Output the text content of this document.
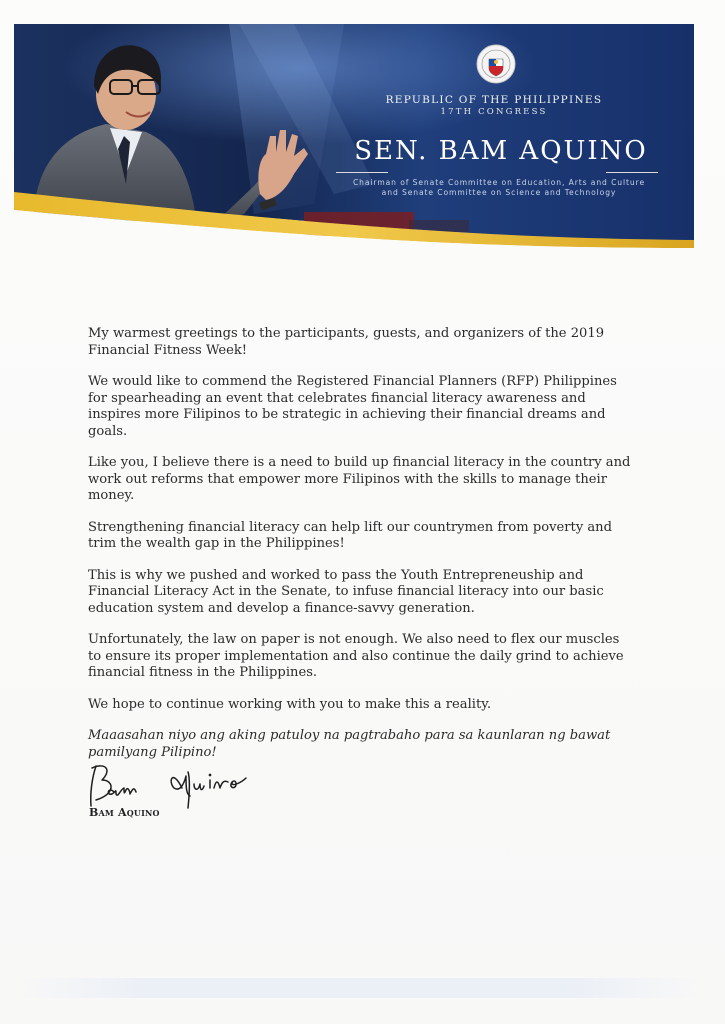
REPUBLIC OF THE PHILIPPINES
17TH CONGRESS
SEN. BAM AQUINO
Chairman of Senate Committee on Education, Arts and Culture
and Senate Committee on Science and Technology

My warmest greetings to the participants, guests, and organizers of the 2019 Financial Fitness Week!

We would like to commend the Registered Financial Planners (RFP) Philippines for spearheading an event that celebrates financial literacy awareness and inspires more Filipinos to be strategic in achieving their financial dreams and goals.

Like you, I believe there is a need to build up financial literacy in the country and work out reforms that empower more Filipinos with the skills to manage their money.

Strengthening financial literacy can help lift our countrymen from poverty and trim the wealth gap in the Philippines!

This is why we pushed and worked to pass the Youth Entrepreneuship and Financial Literacy Act in the Senate, to infuse financial literacy into our basic education system and develop a finance-savvy generation.

Unfortunately, the law on paper is not enough. We also need to flex our muscles to ensure its proper implementation and also continue the daily grind to achieve financial fitness in the Philippines.

We hope to continue working with you to make this a reality.

Maaasahan niyo ang aking patuloy na pagtrabaho para sa kaunlaran ng bawat pamilyang Pilipino!

Bam Aquino
